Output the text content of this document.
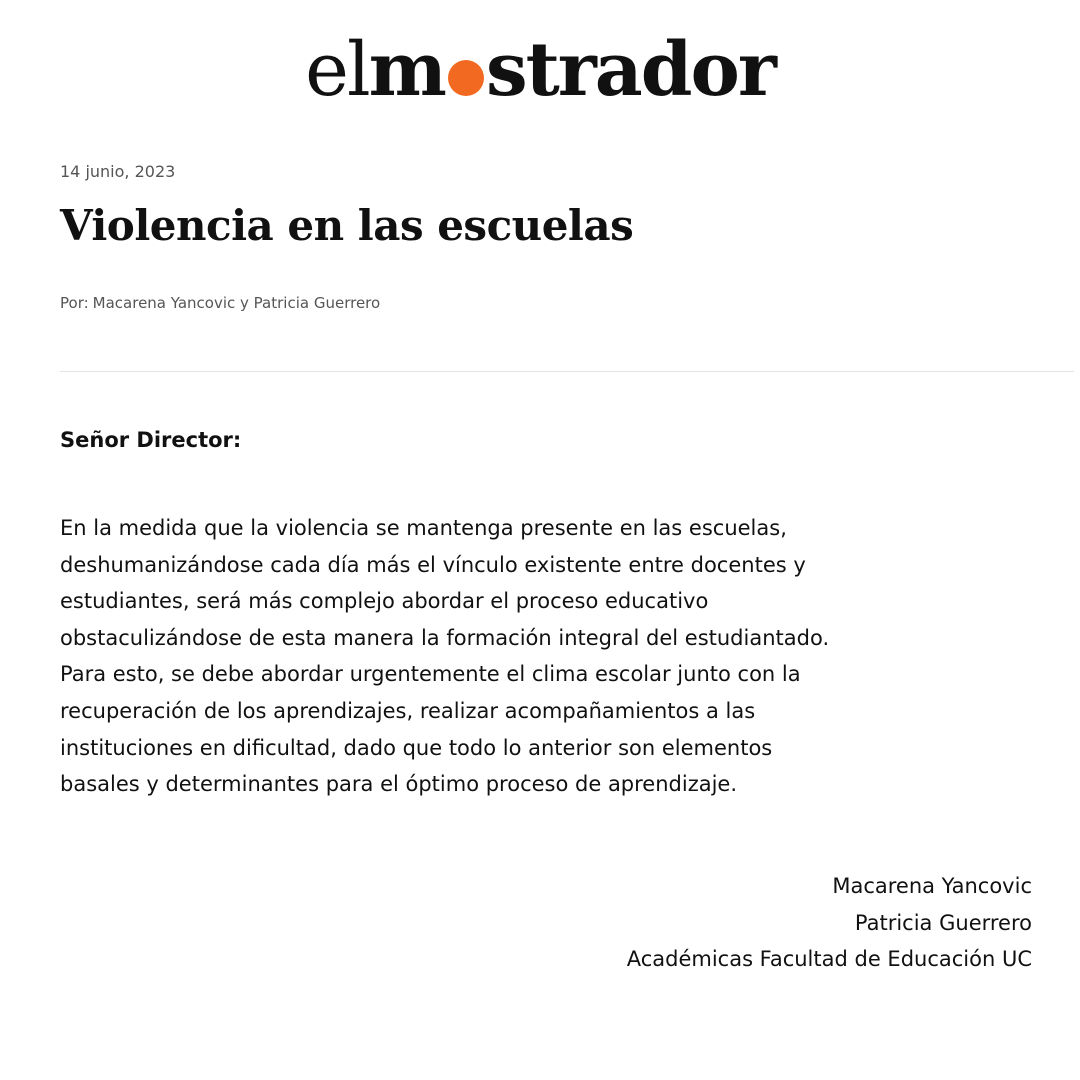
elm strador
14 junio, 2023
Violencia en las escuelas
Por: Macarena Yancovic y Patricia Guerrero
Señor Director:

En la medida que la violencia se mantenga presente en las escuelas,
deshumanizándose cada día más el vínculo existente entre docentes y
estudiantes, será más complejo abordar el proceso educativo
obstaculizándose de esta manera la formación integral del estudiantado.
Para esto, se debe abordar urgentemente el clima escolar junto con la
recuperación de los aprendizajes, realizar acompañamientos a las
instituciones en dificultad, dado que todo lo anterior son elementos
basales y determinantes para el óptimo proceso de aprendizaje.

Macarena Yancovic
Patricia Guerrero
Académicas Facultad de Educación UC
